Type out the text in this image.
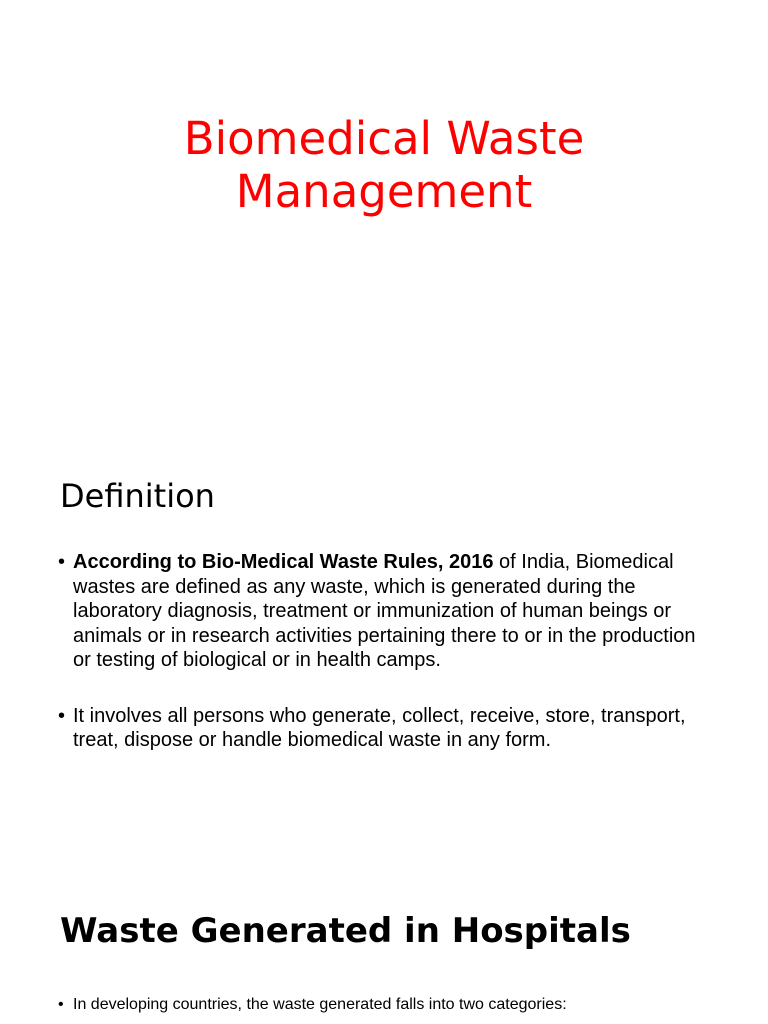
Biomedical Waste
Management
Definition
• According to Bio-Medical Waste Rules, 2016 of India, Biomedical wastes are defined as any waste, which is generated during the laboratory diagnosis, treatment or immunization of human beings or animals or in research activities pertaining there to or in the production or testing of biological or in health camps.
• It involves all persons who generate, collect, receive, store, transport, treat, dispose or handle biomedical waste in any form.
Waste Generated in Hospitals
• In developing countries, the waste generated falls into two categories:
